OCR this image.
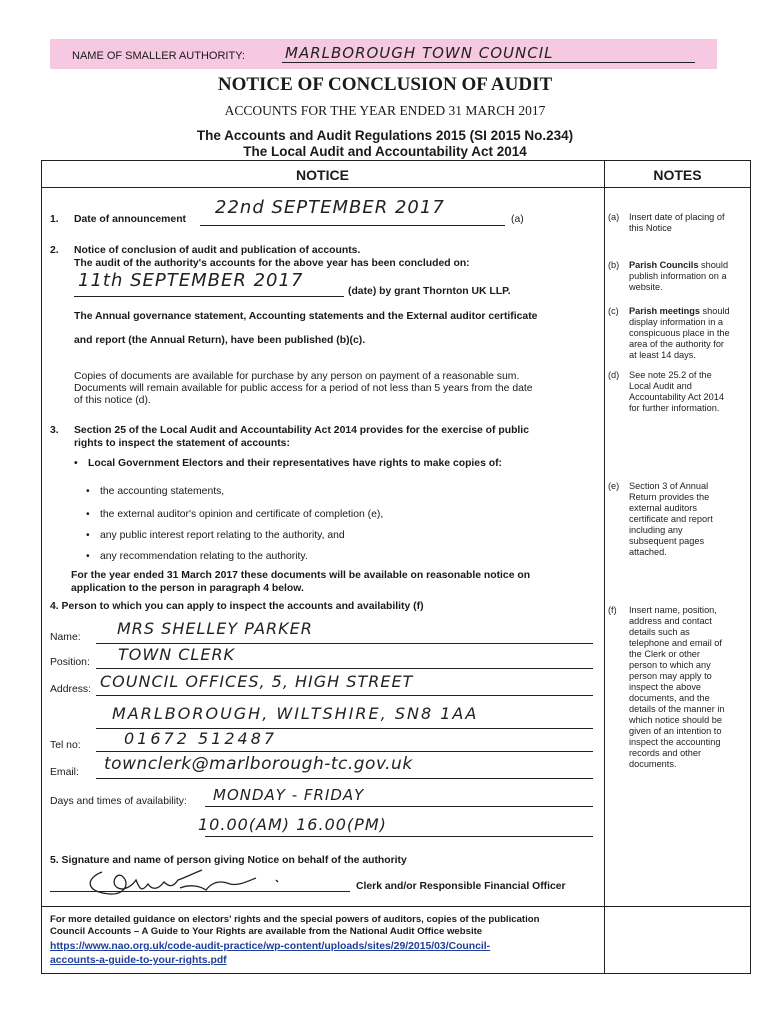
NAME OF SMALLER AUTHORITY:	MARLBOROUGH TOWN COUNCIL
NOTICE OF CONCLUSION OF AUDIT
ACCOUNTS FOR THE YEAR ENDED 31 MARCH 2017
The Accounts and Audit Regulations 2015 (SI 2015 No.234)
The Local Audit and Accountability Act 2014
NOTICE	NOTES
1. Date of announcement
22nd SEPTEMBER 2017
(a)
2. Notice of conclusion of audit and publication of accounts.
The audit of the authority's accounts for the above year has been concluded on:
11th SEPTEMBER 2017
(date) by grant Thornton UK LLP.
The Annual governance statement, Accounting statements and the External auditor certificate
and report (the Annual Return), have been published (b)(c).
Copies of documents are available for purchase by any person on payment of a reasonable sum.
Documents will remain available for public access for a period of not less than 5 years from the date
of this notice (d).
3. Section 25 of the Local Audit and Accountability Act 2014 provides for the exercise of public
rights to inspect the statement of accounts:
• Local Government Electors and their representatives have rights to make copies of:
• the accounting statements,
• the external auditor's opinion and certificate of completion (e),
• any public interest report relating to the authority, and
• any recommendation relating to the authority.
For the year ended 31 March 2017 these documents will be available on reasonable notice on
application to the person in paragraph 4 below.
4. Person to which you can apply to inspect the accounts and availability (f)
Name: MRS SHELLEY PARKER
Position: TOWN CLERK
Address: COUNCIL OFFICES, 5, HIGH STREET
MARLBOROUGH, WILTSHIRE, SN8 1AA
Tel no:	01672 512487
Email: townclerk@marlborough-tc.gov.uk
Days and times of availability: MONDAY - FRIDAY
10.00(AM) 16.00(PM)
5. Signature and name of person giving Notice on behalf of the authority
Clerk and/or Responsible Financial Officer
For more detailed guidance on electors' rights and the special powers of auditors, copies of the publication
Council Accounts – A Guide to Your Rights are available from the National Audit Office website
https://www.nao.org.uk/code-audit-practice/wp-content/uploads/sites/29/2015/03/Council-
accounts-a-guide-to-your-rights.pdf
(a) Insert date of placing of
this Notice
(b) Parish Councils should
publish information on a
website.
(c) Parish meetings should
display information in a
conspicuous place in the
area of the authority for
at least 14 days.
(d) See note 25.2 of the
Local Audit and
Accountability Act 2014
for further information.
(e) Section 3 of Annual
Return provides the
external auditors
certificate and report
including any
subsequent pages
attached.
(f) Insert name, position,
address and contact
details such as
telephone and email of
the Clerk or other
person to which any
person may apply to
inspect the above
documents, and the
details of the manner in
which notice should be
given of an intention to
inspect the accounting
records and other
documents.
